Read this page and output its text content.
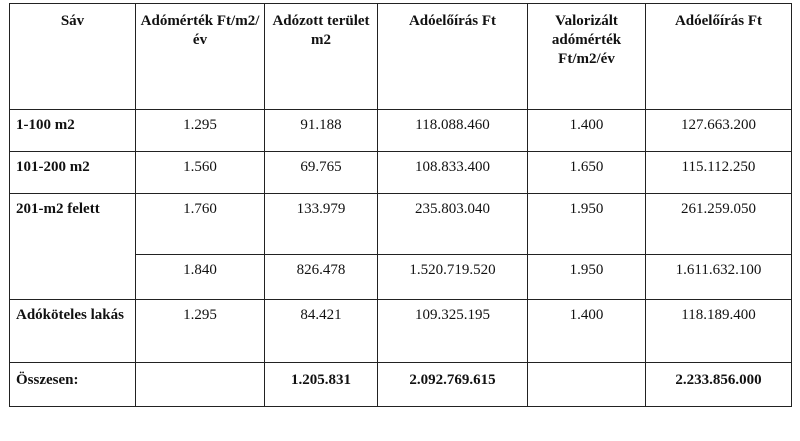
Sáv	Adómérték Ft/m2/év	Adózott terület m2	Adóelőírás Ft	Valorizált adómérték Ft/m2/év	Adóelőírás Ft
1-100 m2	1.295	91.188	118.088.460	1.400	127.663.200
101-200 m2	1.560	69.765	108.833.400	1.650	115.112.250
201-m2 felett	1.760	133.979	235.803.040	1.950	261.259.050
	1.840	826.478	1.520.719.520	1.950	1.611.632.100
Adóköteles lakás	1.295	84.421	109.325.195	1.400	118.189.400
Összesen:		1.205.831	2.092.769.615		2.233.856.000
